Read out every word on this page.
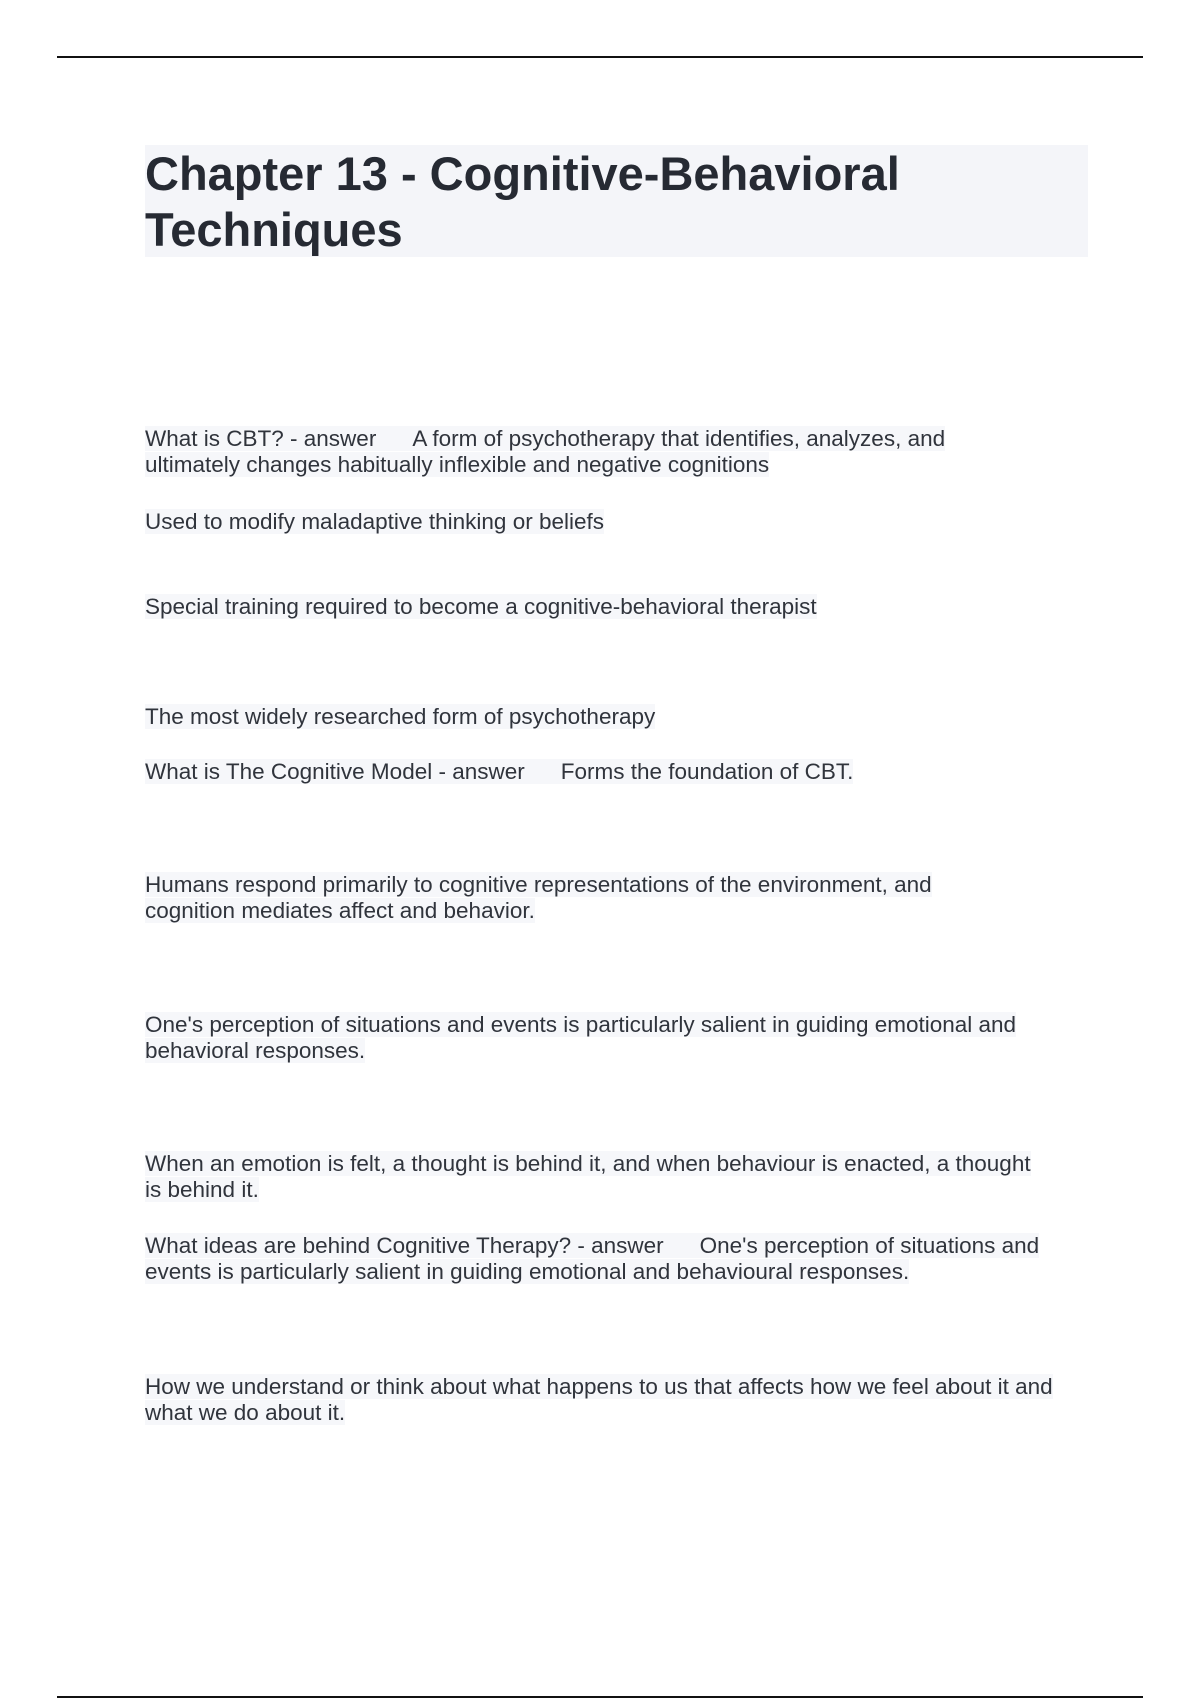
Chapter 13 - Cognitive-Behavioral Techniques

What is CBT? - answer A form of psychotherapy that identifies, analyzes, and ultimately changes habitually inflexible and negative cognitions

Used to modify maladaptive thinking or beliefs

Special training required to become a cognitive-behavioral therapist

The most widely researched form of psychotherapy

What is The Cognitive Model - answer Forms the foundation of CBT.

Humans respond primarily to cognitive representations of the environment, and cognition mediates affect and behavior.

One's perception of situations and events is particularly salient in guiding emotional and behavioral responses.

When an emotion is felt, a thought is behind it, and when behaviour is enacted, a thought is behind it.

What ideas are behind Cognitive Therapy? - answer One's perception of situations and events is particularly salient in guiding emotional and behavioural responses.

How we understand or think about what happens to us that affects how we feel about it and what we do about it.
